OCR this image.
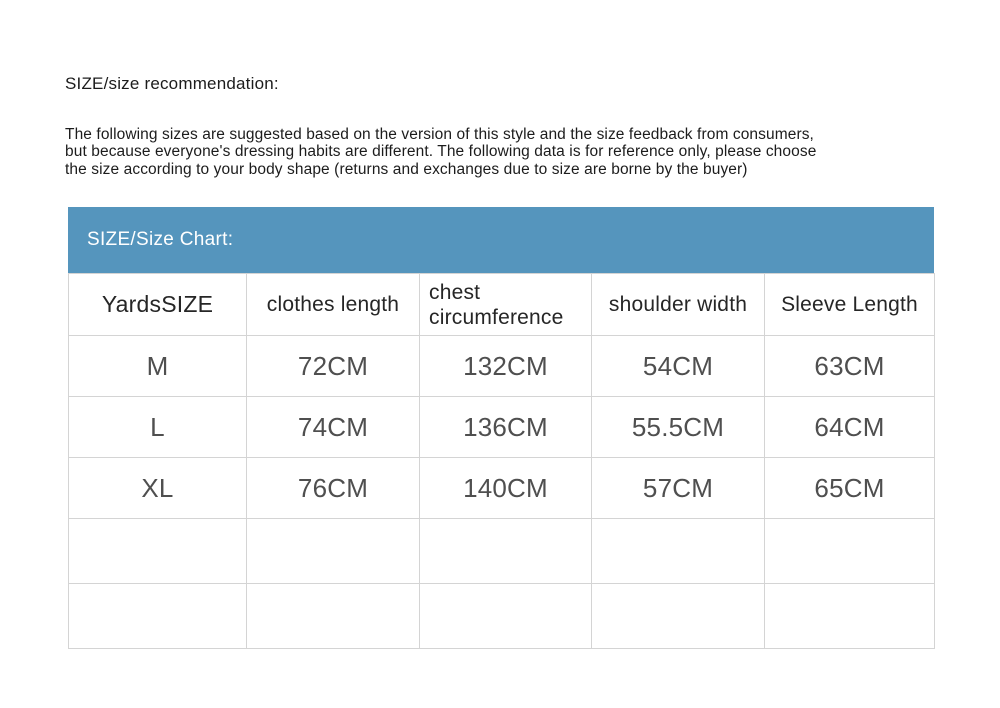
SIZE/size recommendation:
The following sizes are suggested based on the version of this style and the size feedback from consumers,
but because everyone's dressing habits are different. The following data is for reference only, please choose
the size according to your body shape (returns and exchanges due to size are borne by the buyer)
SIZE/Size Chart:
YardsSIZE	clothes length	chest circumference	shoulder width	Sleeve Length
M	72CM	132CM	54CM	63CM
L	74CM	136CM	55.5CM	64CM
XL	76CM	140CM	57CM	65CM
